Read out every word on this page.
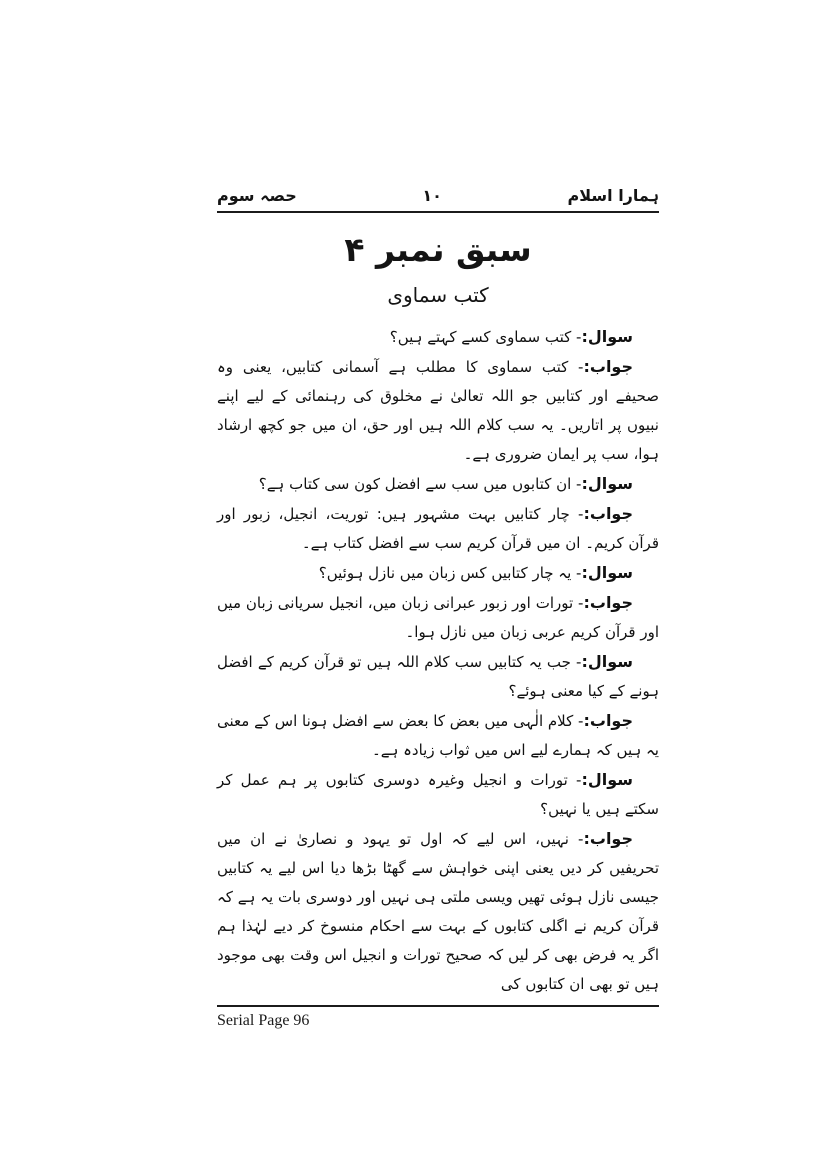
ہمارا اسلام
۱۰
حصہ سوم
سبق نمبر ۴
کتب سماوی

سوال:- کتب سماوی کسے کہتے ہیں؟

جواب:- کتب سماوی کا مطلب ہے آسمانی کتابیں، یعنی وہ صحیفے اور کتابیں جو اللہ تعالیٰ نے مخلوق کی رہنمائی کے لیے اپنے نبیوں پر اتاریں۔ یہ سب کلام اللہ ہیں اور حق، ان میں جو کچھ ارشاد ہوا، سب پر ایمان ضروری ہے۔

سوال:- ان کتابوں میں سب سے افضل کون سی کتاب ہے؟

جواب:- چار کتابیں بہت مشہور ہیں: توریت، انجیل، زبور اور قرآن کریم۔ ان میں قرآن کریم سب سے افضل کتاب ہے۔

سوال:- یہ چار کتابیں کس زبان میں نازل ہوئیں؟

جواب:- تورات اور زبور عبرانی زبان میں، انجیل سریانی زبان میں اور قرآن کریم عربی زبان میں نازل ہوا۔

سوال:- جب یہ کتابیں سب کلام اللہ ہیں تو قرآن کریم کے افضل ہونے کے کیا معنی ہوئے؟

جواب:- کلام الٰہی میں بعض کا بعض سے افضل ہونا اس کے معنی یہ ہیں کہ ہمارے لیے اس میں ثواب زیادہ ہے۔

سوال:- تورات و انجیل وغیرہ دوسری کتابوں پر ہم عمل کر سکتے ہیں یا نہیں؟

جواب:- نہیں، اس لیے کہ اول تو یہود و نصاریٰ نے ان میں تحریفیں کر دیں یعنی اپنی خواہش سے گھٹا بڑھا دیا اس لیے یہ کتابیں جیسی نازل ہوئی تھیں ویسی ملتی ہی نہیں اور دوسری بات یہ ہے کہ قرآن کریم نے اگلی کتابوں کے بہت سے احکام منسوخ کر دیے لہٰذا ہم اگر یہ فرض بھی کر لیں کہ صحیح تورات و انجیل اس وقت بھی موجود ہیں تو بھی ان کتابوں کی

Serial Page 96
